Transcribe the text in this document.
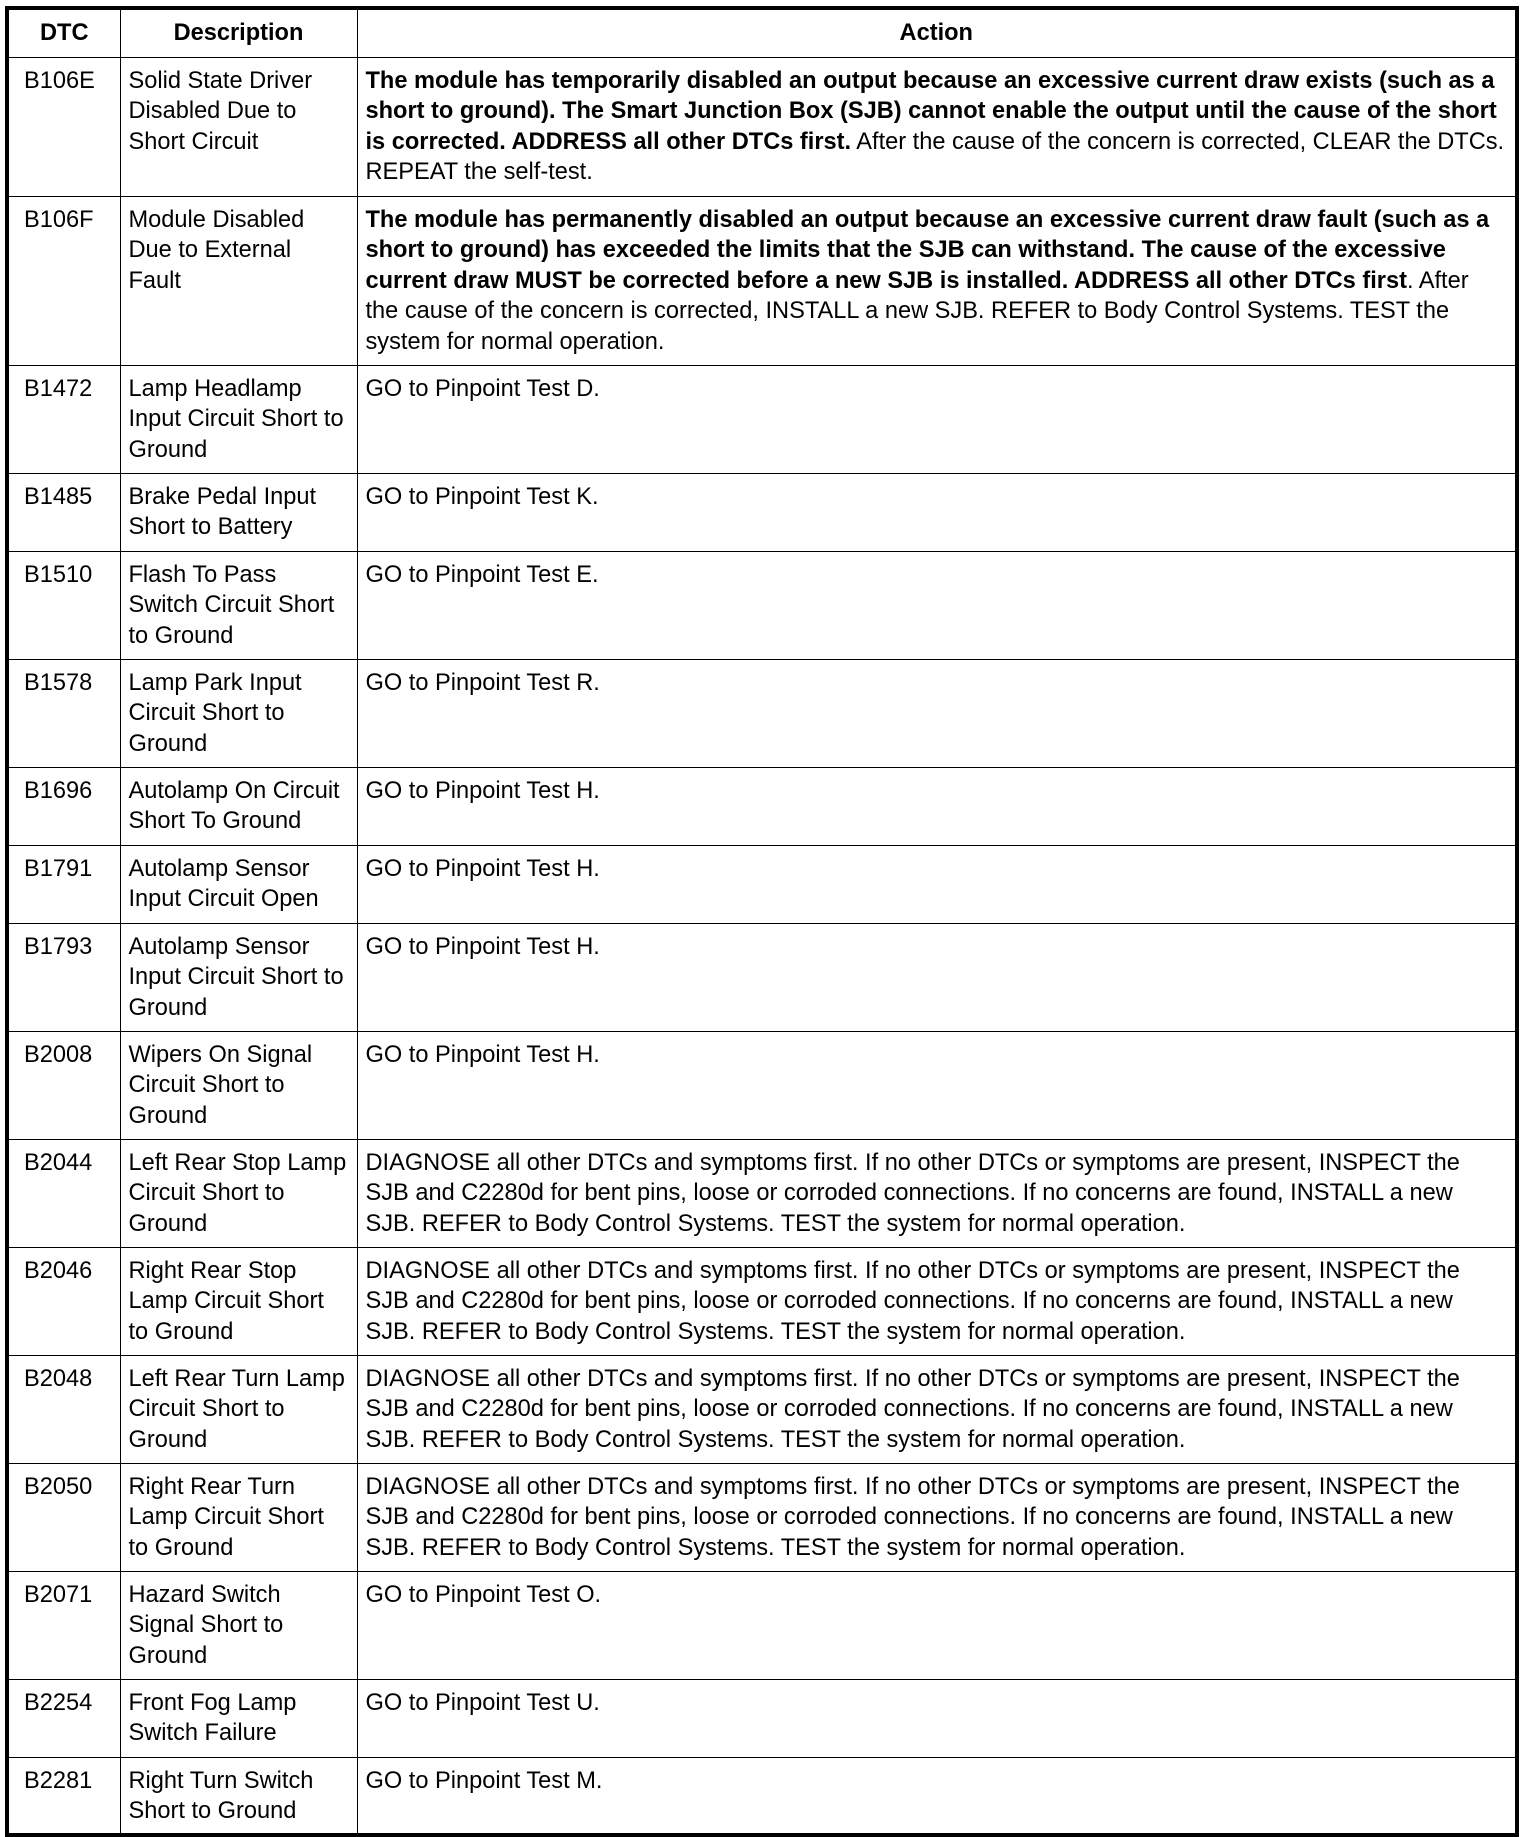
DTC	Description	Action
B106E	Solid State Driver Disabled Due to Short Circuit	The module has temporarily disabled an output because an excessive current draw exists (such as a short to ground). The Smart Junction Box (SJB) cannot enable the output until the cause of the short is corrected. ADDRESS all other DTCs first. After the cause of the concern is corrected, CLEAR the DTCs. REPEAT the self-test.
B106F	Module Disabled Due to External Fault	The module has permanently disabled an output because an excessive current draw fault (such as a short to ground) has exceeded the limits that the SJB can withstand. The cause of the excessive current draw MUST be corrected before a new SJB is installed. ADDRESS all other DTCs first. After the cause of the concern is corrected, INSTALL a new SJB. REFER to Body Control Systems. TEST the system for normal operation.
B1472	Lamp Headlamp Input Circuit Short to Ground	GO to Pinpoint Test D.
B1485	Brake Pedal Input Short to Battery	GO to Pinpoint Test K.
B1510	Flash To Pass Switch Circuit Short to Ground	GO to Pinpoint Test E.
B1578	Lamp Park Input Circuit Short to Ground	GO to Pinpoint Test R.
B1696	Autolamp On Circuit Short To Ground	GO to Pinpoint Test H.
B1791	Autolamp Sensor Input Circuit Open	GO to Pinpoint Test H.
B1793	Autolamp Sensor Input Circuit Short to Ground	GO to Pinpoint Test H.
B2008	Wipers On Signal Circuit Short to Ground	GO to Pinpoint Test H.
B2044	Left Rear Stop Lamp Circuit Short to Ground	DIAGNOSE all other DTCs and symptoms first. If no other DTCs or symptoms are present, INSPECT the SJB and C2280d for bent pins, loose or corroded connections. If no concerns are found, INSTALL a new SJB. REFER to Body Control Systems. TEST the system for normal operation.
B2046	Right Rear Stop Lamp Circuit Short to Ground	DIAGNOSE all other DTCs and symptoms first. If no other DTCs or symptoms are present, INSPECT the SJB and C2280d for bent pins, loose or corroded connections. If no concerns are found, INSTALL a new SJB. REFER to Body Control Systems. TEST the system for normal operation.
B2048	Left Rear Turn Lamp Circuit Short to Ground	DIAGNOSE all other DTCs and symptoms first. If no other DTCs or symptoms are present, INSPECT the SJB and C2280d for bent pins, loose or corroded connections. If no concerns are found, INSTALL a new SJB. REFER to Body Control Systems. TEST the system for normal operation.
B2050	Right Rear Turn Lamp Circuit Short to Ground	DIAGNOSE all other DTCs and symptoms first. If no other DTCs or symptoms are present, INSPECT the SJB and C2280d for bent pins, loose or corroded connections. If no concerns are found, INSTALL a new SJB. REFER to Body Control Systems. TEST the system for normal operation.
B2071	Hazard Switch Signal Short to Ground	GO to Pinpoint Test O.
B2254	Front Fog Lamp Switch Failure	GO to Pinpoint Test U.
B2281	Right Turn Switch Short to Ground	GO to Pinpoint Test M.
